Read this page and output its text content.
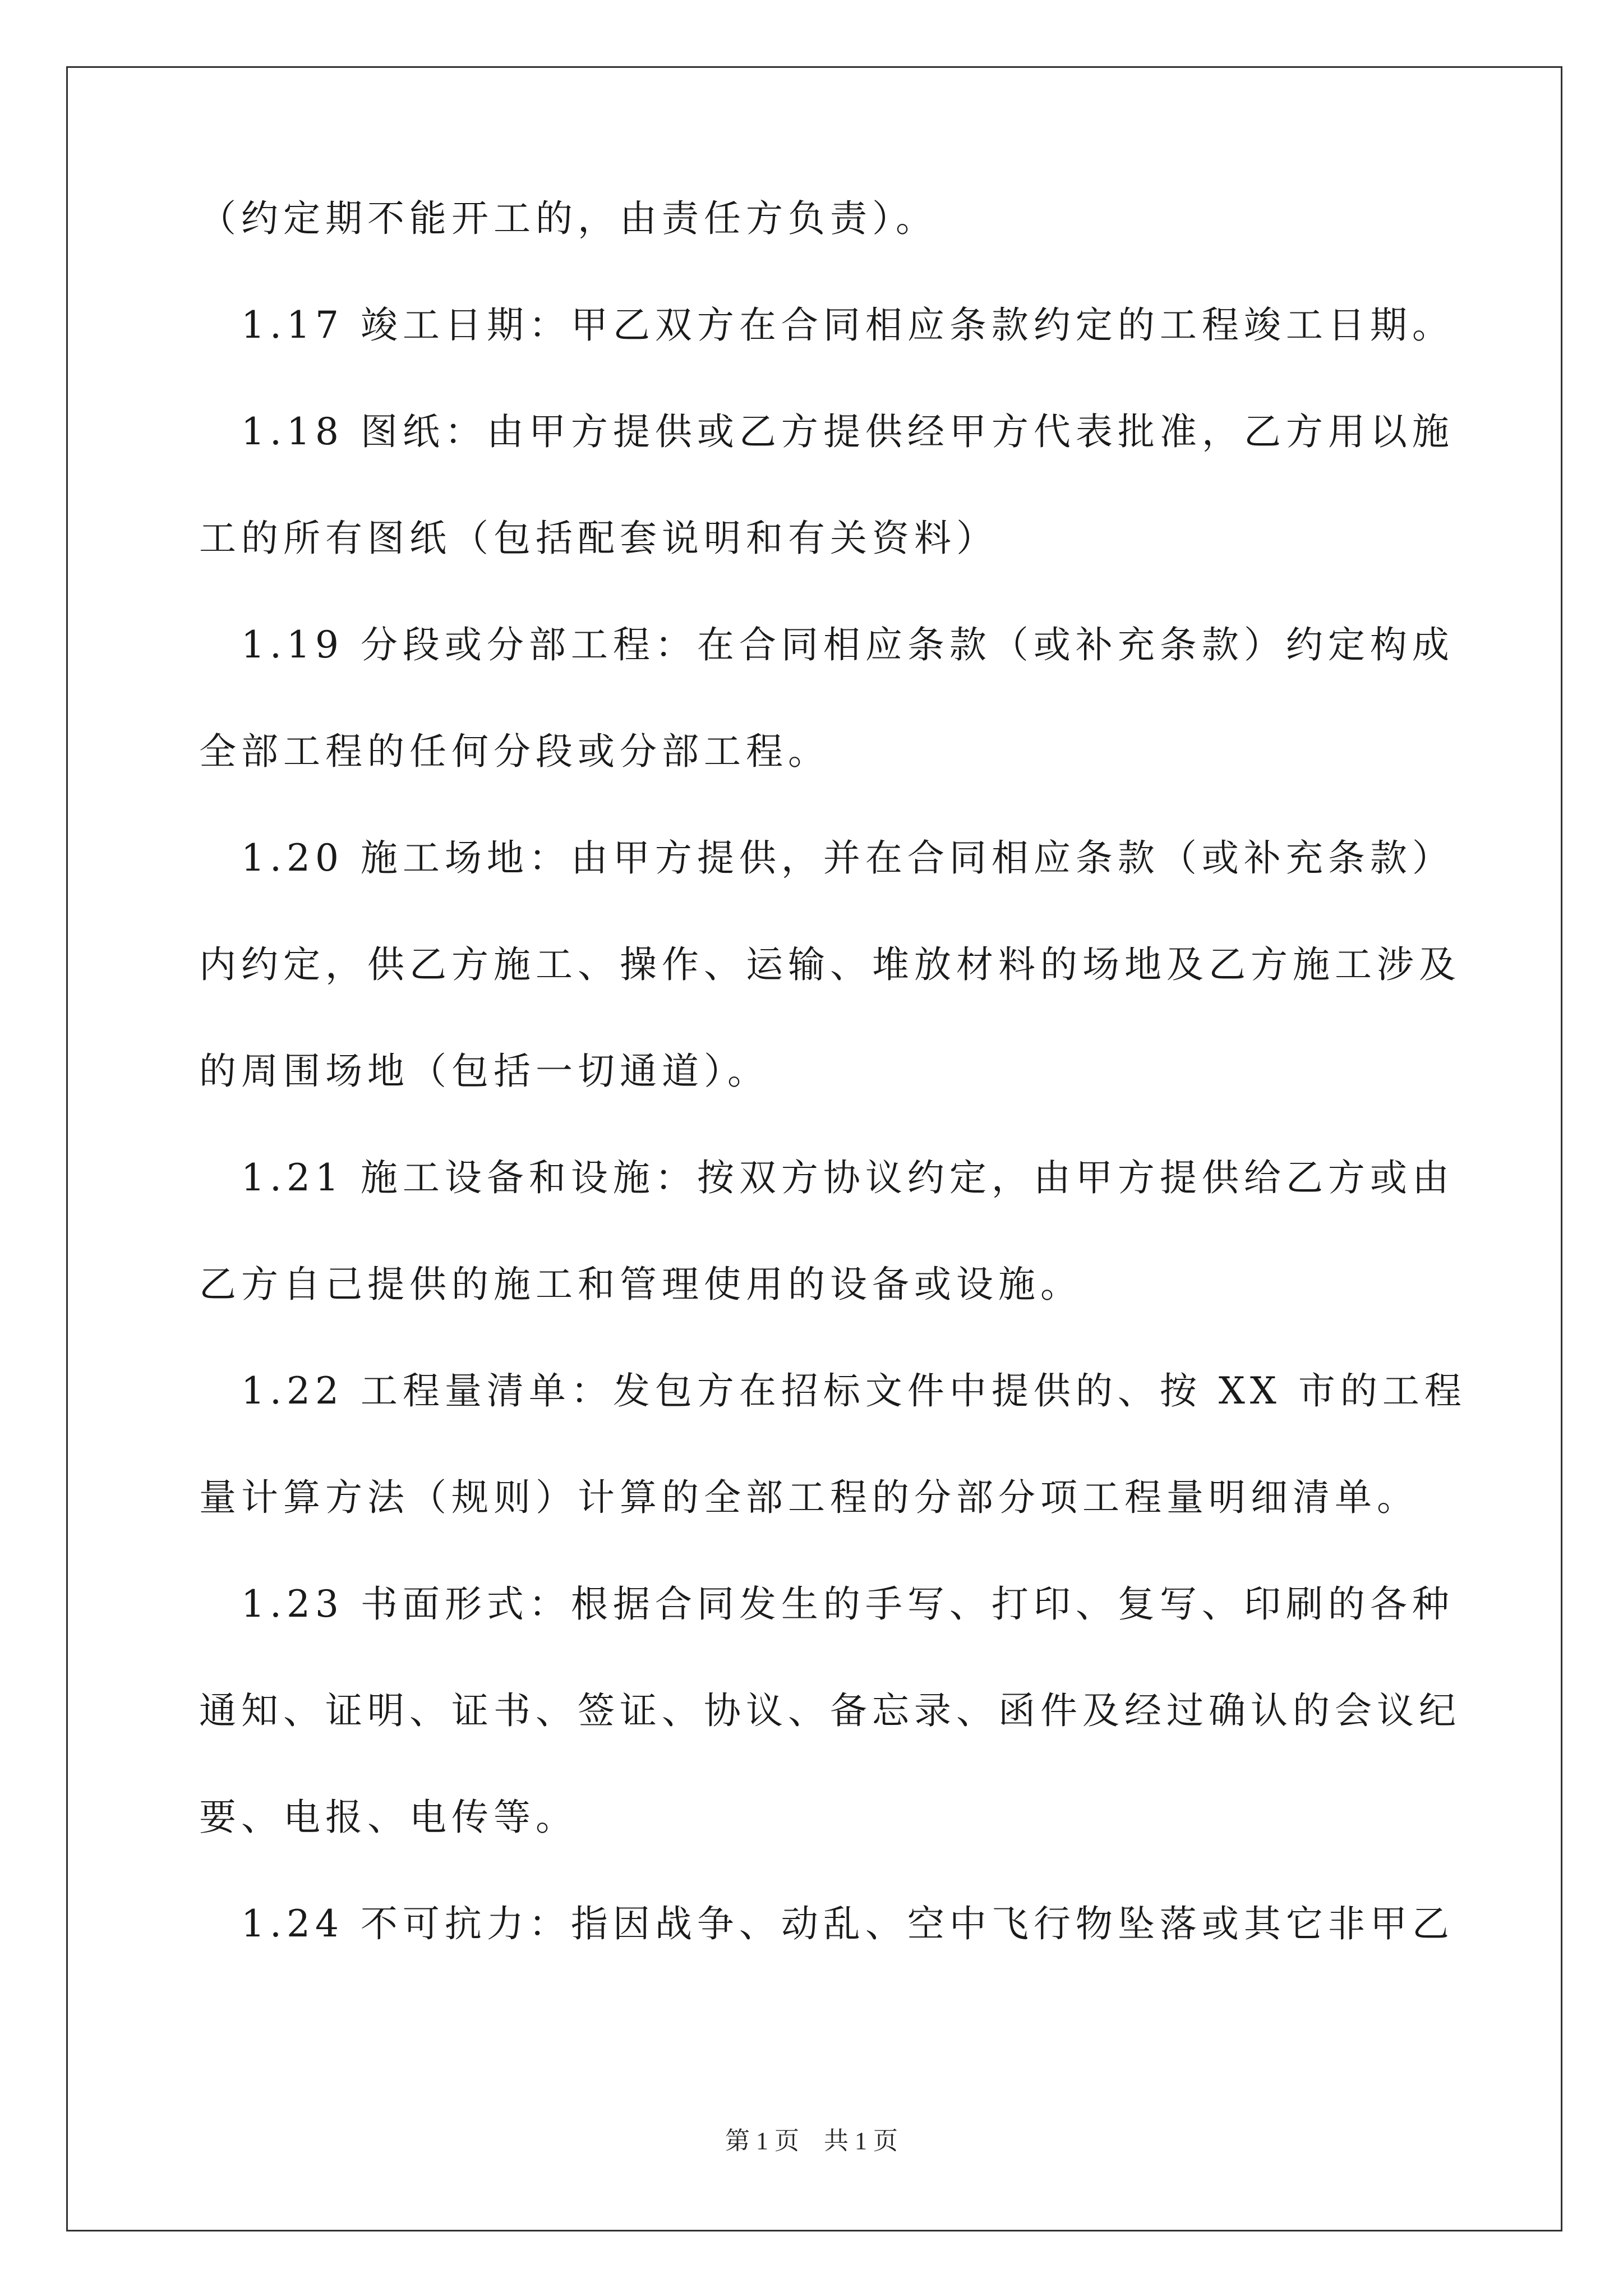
（约定期不能开工的，由责任方负责）。
　1.17 竣工日期：甲乙双方在合同相应条款约定的工程竣工日期。
　1.18 图纸：由甲方提供或乙方提供经甲方代表批准，乙方用以施
工的所有图纸（包括配套说明和有关资料）
　1.19 分段或分部工程：在合同相应条款（或补充条款）约定构成
全部工程的任何分段或分部工程。
　1.20 施工场地：由甲方提供，并在合同相应条款（或补充条款）
内约定，供乙方施工、操作、运输、堆放材料的场地及乙方施工涉及
的周围场地（包括一切通道）。
　1.21 施工设备和设施：按双方协议约定，由甲方提供给乙方或由
乙方自己提供的施工和管理使用的设备或设施。
　1.22 工程量清单：发包方在招标文件中提供的、按 XX 市的工程
量计算方法（规则）计算的全部工程的分部分项工程量明细清单。
　1.23 书面形式：根据合同发生的手写、打印、复写、印刷的各种
通知、证明、证书、签证、协议、备忘录、函件及经过确认的会议纪
要、电报、电传等。
　1.24 不可抗力：指因战争、动乱、空中飞行物坠落或其它非甲乙
第 1 页　共 1 页
